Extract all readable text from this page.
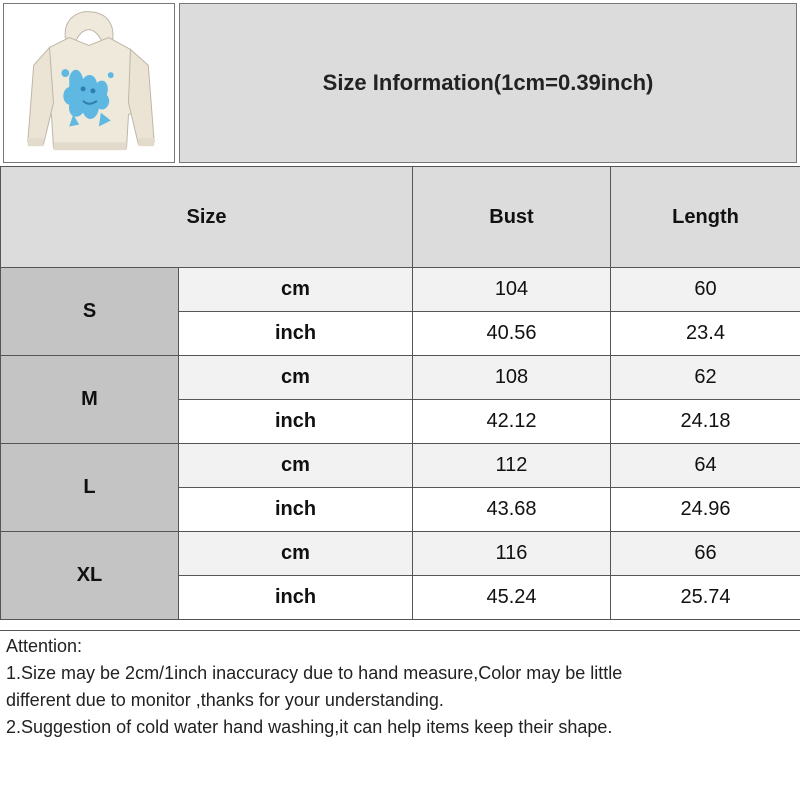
Size Information(1cm=0.39inch)
Size		Bust	Length
S	cm	104	60
	inch	40.56	23.4
M	cm	108	62
	inch	42.12	24.18
L	cm	112	64
	inch	43.68	24.96
XL	cm	116	66
	inch	45.24	25.74

Attention:

1.Size may be 2cm/1inch inaccuracy due to hand measure,Color may be little

different due to monitor ,thanks for your understanding.

2.Suggestion of cold water hand washing,it can help items keep their shape.
